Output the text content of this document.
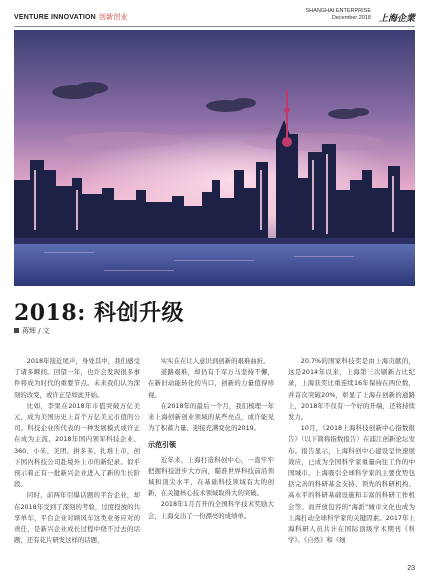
VENTURE INNOVATION 创新创业
SHANGHAI ENTERPRISE
December 2018 上海企業
2018: 科创升级
蒋辉 / 文

2018年接近尾声，身处其中，我们感受了诸多瞬间。回望一年，也许会发现很多事件将成为时代的重要节点。未来我们认为深刻的改变，或许正是如此开始。

比如，李果在2018年市值突破万亿美元，成为美国历史上首个万亿美元市值的公司。科技企业所代表的一种发展模式或许正在成为主流，2018年国内领军科技企业、360、小米、美团、拼多多、扎堆上市，创下国内科技公司赴境外上市的新纪录。似乎预示着正有一批新兴企业进入了新的生长阶段。

同时，前两年引爆话题的平台企业，却在2018年受到了深刻的考验，过度投放的共享单车、平台企业对顾风车这类业务应对的责任，是新兴企业成长过程中绕不过去的话题，还有花片研发这样的话题，

实实在在让人意识到创新的艰难曲折。

道路艰难，却仍有千军万马坚持不懈，在新旧动能转化的当口，创新的力量值得珍视。

在2018年的最后一个月，我们梳理一年来上海创新创业领域的某些亮点，或许能见为了积蓄力量、迎接充满变化的2019。

示范引领

近年来，上海打造科创中心，一直牢牢把握科技进步大方向，瞄准世界科技前沿领域和顶尖水平，在基础科技领域有大的创新，在关键核心技术领域取得大的突破。

2018年1月召开的全国科学技术奖励大会，上海交出了一份漂亮的成绩单。

20.7%的国家科技奖是由上海贡献的，这是2014年以来，上海第三次刷新占比纪录，上海获奖比重连续16年保持在两位数，并首次突破20%，彰显了上海在创新的通路上，2018年不仅有一个好的开端，还将持续发力。

10月，《2018上海科技创新中心指数报告》（以下简称指数报告）在浦江创新论坛发布。报告显示，上海科创中心建设呈快速展效应，已成为全国科学家重量向往工作的中国城市。上海吸引全球科学家的主要优势包括完善的科研基金支持、领先的科研机构、高水平的科研基础设施和丰富的科研工作机会等。而开放包容的"海派"城市文化也成为上海打动全球科学家的关键因素。2017年上海科研人员共计在国际顶级学术期刊《科学》、《自然》和《细

23
